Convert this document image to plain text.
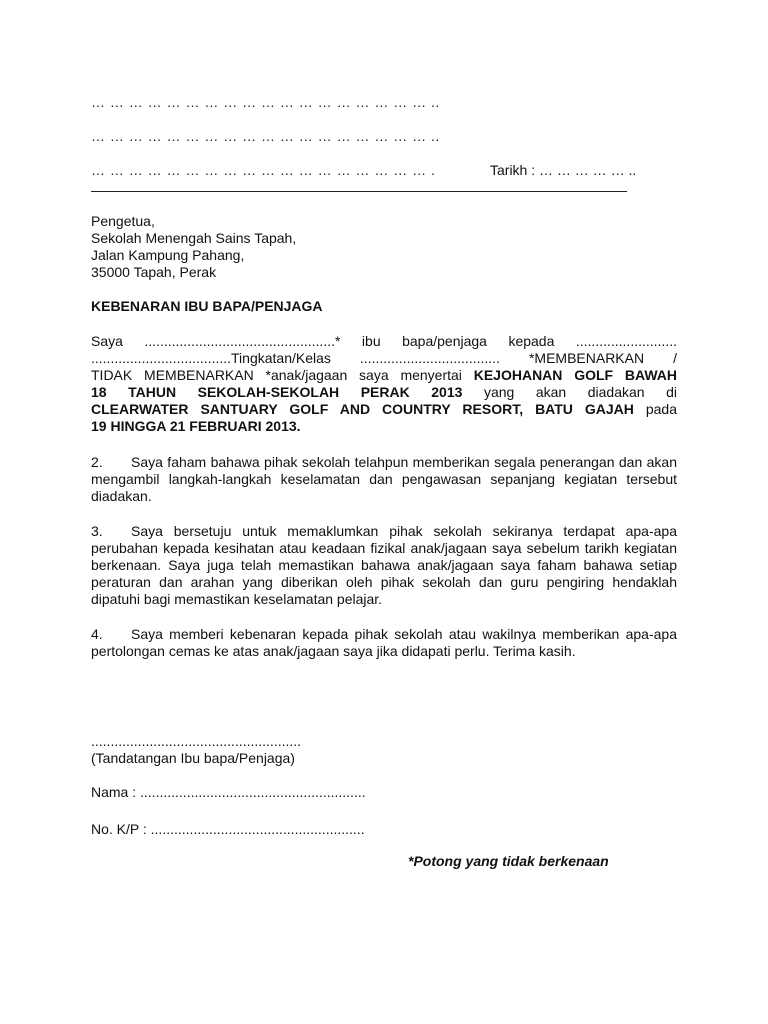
… … … … … … … … … … … … … … … … … … ..
… … … … … … … … … … … … … … … … … … ..
… … … … … … … … … … … … … … … … … … .	Tarikh : … … … … … ..
Pengetua,
Sekolah Menengah Sains Tapah,
Jalan Kampung Pahang,
35000 Tapah, Perak
KEBENARAN IBU BAPA/PENJAGA

Saya .................................................* ibu bapa/penjaga kepada ..........................

....................................Tingkatan/Kelas .................................... *MEMBENARKAN /

TIDAK MEMBENARKAN *anak/jagaan saya menyertai KEJOHANAN GOLF BAWAH

18 TAHUN SEKOLAH-SEKOLAH PERAK 2013 yang akan diadakan di

CLEARWATER SANTUARY GOLF AND COUNTRY RESORT, BATU GAJAH pada

19 HINGGA 21 FEBRUARI 2013.

2. Saya faham bahawa pihak sekolah telahpun memberikan segala penerangan dan akan mengambil langkah-langkah keselamatan dan pengawasan sepanjang kegiatan tersebut diadakan.

3. Saya bersetuju untuk memaklumkan pihak sekolah sekiranya terdapat apa-apa perubahan kepada kesihatan atau keadaan fizikal anak/jagaan saya sebelum tarikh kegiatan berkenaan. Saya juga telah memastikan bahawa anak/jagaan saya faham bahawa setiap peraturan dan arahan yang diberikan oleh pihak sekolah dan guru pengiring hendaklah dipatuhi bagi memastikan keselamatan pelajar.

4. Saya memberi kebenaran kepada pihak sekolah atau wakilnya memberikan apa-apa pertolongan cemas ke atas anak/jagaan saya jika didapati perlu. Terima kasih.

......................................................
(Tandatangan Ibu bapa/Penjaga)
Nama : ..........................................................
No. K/P : .......................................................
*Potong yang tidak berkenaan
